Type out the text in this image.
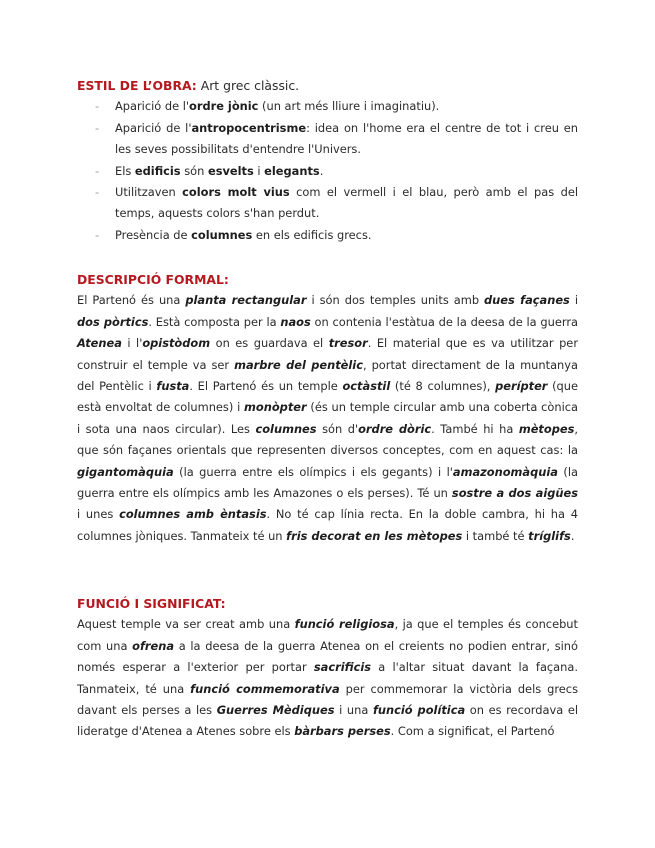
ESTIL DE L’OBRA: Art grec clàssic.

- Aparició de l'ordre jònic (un art més lliure i imaginatiu).
- Aparició de l'antropocentrisme: idea on l'home era el centre de tot i creu en les seves possibilitats d'entendre l'Univers.
- Els edificis són esvelts i elegants.
- Utilitzaven colors molt vius com el vermell i el blau, però amb el pas del temps, aquests colors s'han perdut.
- Presència de columnes en els edificis grecs.
DESCRIPCIÓ FORMAL:

El Partenó és una planta rectangular i són dos temples units amb dues façanes i dos pòrtics. Està composta per la naos on contenia l'estàtua de la deesa de la guerra Atenea i l'opistòdom on es guardava el tresor. El material que es va utilitzar per construir el temple va ser marbre del pentèlic, portat directament de la muntanya del Pentèlic i fusta. El Partenó és un temple octàstil (té 8 columnes), perípter (que està envoltat de columnes) i monòpter (és un temple circular amb una coberta cònica i sota una naos circular). Les columnes són d'ordre dòric. També hi ha mètopes, que són façanes orientals que representen diversos conceptes, com en aquest cas: la gigantomàquia (la guerra entre els olímpics i els gegants) i l'amazonomàquia (la guerra entre els olímpics amb les Amazones o els perses). Té un sostre a dos aigües i unes columnes amb èntasis. No té cap línia recta. En la doble cambra, hi ha 4 columnes jòniques. Tanmateix té un fris decorat en les mètopes i també té tríglifs.

FUNCIÓ I SIGNIFICAT:

Aquest temple va ser creat amb una funció religiosa, ja que el temples és concebut com una ofrena a la deesa de la guerra Atenea on el creients no podien entrar, sinó només esperar a l'exterior per portar sacrificis a l'altar situat davant la façana. Tanmateix, té una funció commemorativa per commemorar la victòria dels grecs davant els perses a les Guerres Mèdiques i una funció política on es recordava el lideratge d'Atenea a Atenes sobre els bàrbars perses. Com a significat, el Partenó
